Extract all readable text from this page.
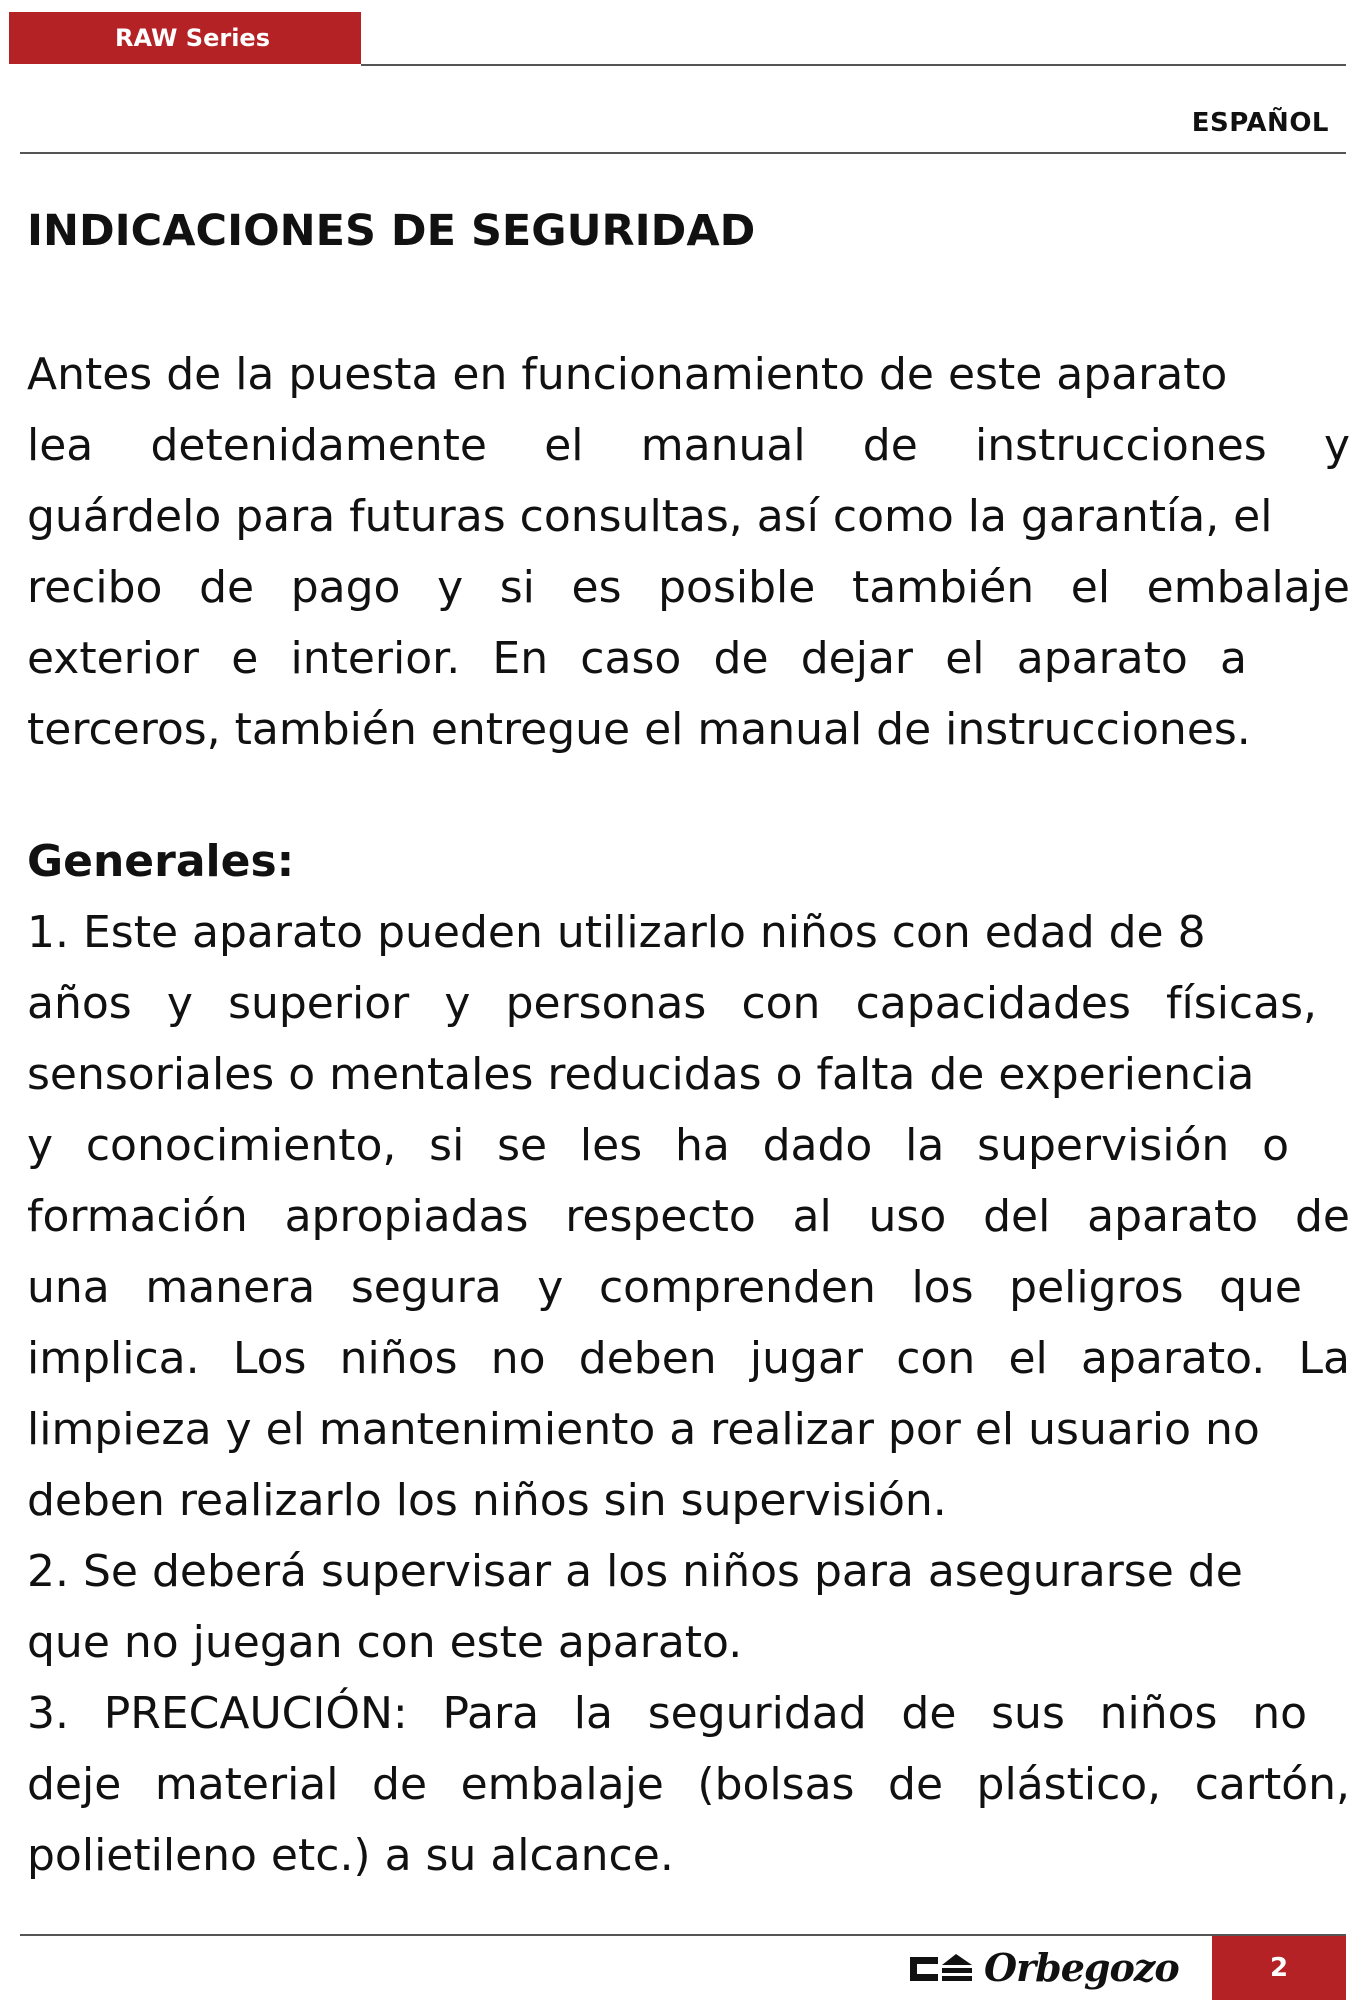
RAW Series
ESPAÑOL
INDICACIONES DE SEGURIDAD
Antes de la puesta en funcionamiento de este aparato
lea detenidamente el manual de instrucciones y
guárdelo para futuras consultas, así como la garantía, el
recibo de pago y si es posible también el embalaje
exterior e interior. En caso de dejar el aparato a
terceros, también entregue el manual de instrucciones.
Generales:
1. Este aparato pueden utilizarlo niños con edad de 8
años y superior y personas con capacidades físicas,
sensoriales o mentales reducidas o falta de experiencia
y conocimiento, si se les ha dado la supervisión o
formación apropiadas respecto al uso del aparato de
una manera segura y comprenden los peligros que
implica. Los niños no deben jugar con el aparato. La
limpieza y el mantenimiento a realizar por el usuario no
deben realizarlo los niños sin supervisión.
2. Se deberá supervisar a los niños para asegurarse de
que no juegan con este aparato.
3. PRECAUCIÓN: Para la seguridad de sus niños no
deje material de embalaje (bolsas de plástico, cartón,
polietileno etc.) a su alcance.
Orbegozo	2
